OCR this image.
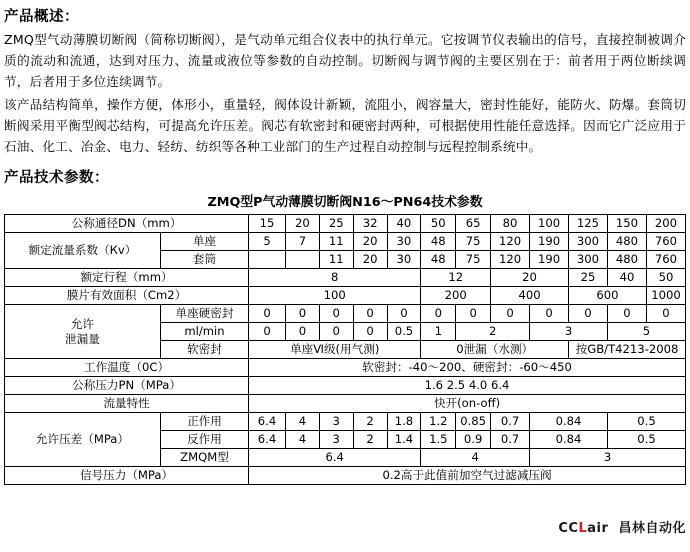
产品概述：
ZMQ型气动薄膜切断阀（简称切断阀），是气动单元组合仪表中的执行单元。它按调节仪表输出的信号，直接控制被调介质的流动和流通，达到对压力、流量或液位等参数的自动控制。切断阀与调节阀的主要区别在于：前者用于两位断续调节，后者用于多位连续调节。
该产品结构简单，操作方便，体形小，重量轻，阀体设计新颖，流阻小，阀容量大，密封性能好，能防火、防爆。套筒切断阀采用平衡型阀芯结构，可提高允许压差。阀芯有软密封和硬密封两种，可根据使用性能任意选择。因而它广泛应用于石油、化工、冶金、电力、轻纺、纺织等各种工业部门的生产过程自动控制与远程控制系统中。
产品技术参数：
ZMQ型P气动薄膜切断阀N16～PN64技术参数
公称通径DN（mm）		15	20	25	32	40	50	65	80	100	125	150	200
额定流量系数（Кv）	单座	5	7	11	20	30	48	75	120	190	300	480	760
	套筒			11	20	30	48	75	120	190	300	480	760
额定行程（mm）		8					12		20		25	40	50
膜片有效面积（Cm2）		100					200		400		600		1000

允许
泄漏量	单座硬密封	0	0	0	0	0	0	0	0	0	0	0	0
	ml/min	0	0	0	0	0.5	1	2		3		5	
	软密封	单座Ⅵ级(用气测)					0泄漏（水测）				按GB/T4213-2008		
工作温度（0C）		软密封：-40～200、硬密封：-60～450											
公称压力PN（MPa）		1.6 2.5 4.0 6.4											
流量特性		快开(on-off)											
允许压差（MPa）	正作用	6.4	4	3	2	1.8	1.2	0.85	0.7	0.84		0.5	
	反作用	6.4	4	3	2	1.4	1.5	0.9	0.7	0.84		0.5	
	ZMQM型	6.4					4			3			
信号压力（MPa）		0.2高于此值前加空气过滤减压阀											
CCLair 昌林自动化
